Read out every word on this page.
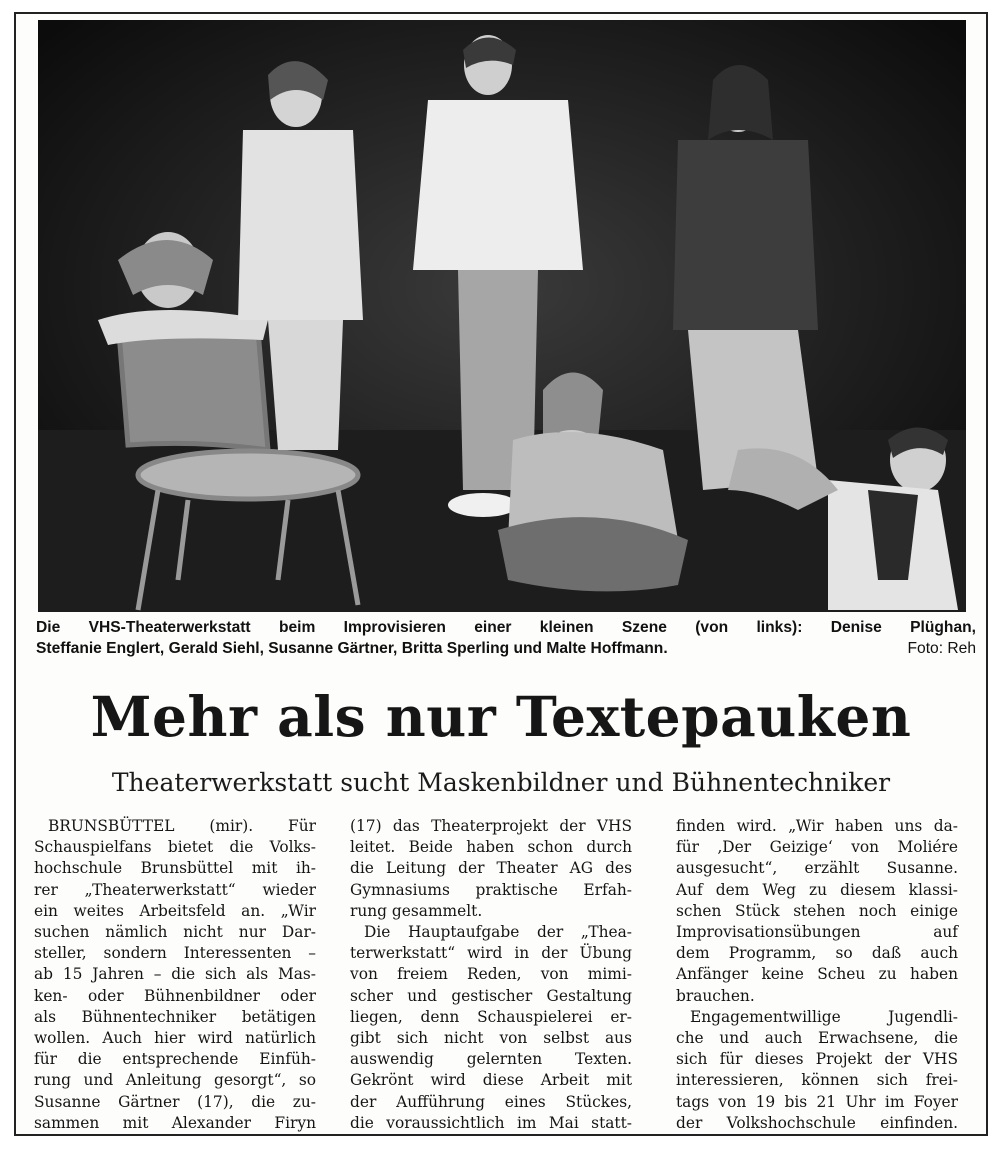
Die VHS-Theaterwerkstatt beim Improvisieren einer kleinen Szene (von links): Denise Plüghan,
Steffanie Englert, Gerald Siehl, Susanne Gärtner, Britta Sperling und Malte Hoffmann.	Foto: Reh
Mehr als nur Textepauken
Theaterwerkstatt sucht Maskenbildner und Bühnentechniker
BRUNSBÜTTEL (mir). Für
Schauspielfans bietet die Volks-
hochschule Brunsbüttel mit ih-
rer „Theaterwerkstatt“ wieder
ein weites Arbeitsfeld an. „Wir
suchen nämlich nicht nur Dar-
steller, sondern Interessenten –
ab 15 Jahren – die sich als Mas-
ken- oder Bühnenbildner oder
als Bühnentechniker betätigen
wollen. Auch hier wird natürlich
für die entsprechende Einfüh-
rung und Anleitung gesorgt“, so
Susanne Gärtner (17), die zu-
sammen mit Alexander Firyn
(17) das Theaterprojekt der VHS
leitet. Beide haben schon durch
die Leitung der Theater AG des
Gymnasiums praktische Erfah-
rung gesammelt.
Die Hauptaufgabe der „Thea-
terwerkstatt“ wird in der Übung
von freiem Reden, von mimi-
scher und gestischer Gestaltung
liegen, denn Schauspielerei er-
gibt sich nicht von selbst aus
auswendig gelernten Texten.
Gekrönt wird diese Arbeit mit
der Aufführung eines Stückes,
die voraussichtlich im Mai statt-
finden wird. „Wir haben uns da-
für ‚Der Geizige‘ von Moliére
ausgesucht“, erzählt Susanne.
Auf dem Weg zu diesem klassi-
schen Stück stehen noch einige
Improvisationsübungen auf
dem Programm, so daß auch
Anfänger keine Scheu zu haben
brauchen.
Engagementwillige Jugendli-
che und auch Erwachsene, die
sich für dieses Projekt der VHS
interessieren, können sich frei-
tags von 19 bis 21 Uhr im Foyer
der Volkshochschule einfinden.
